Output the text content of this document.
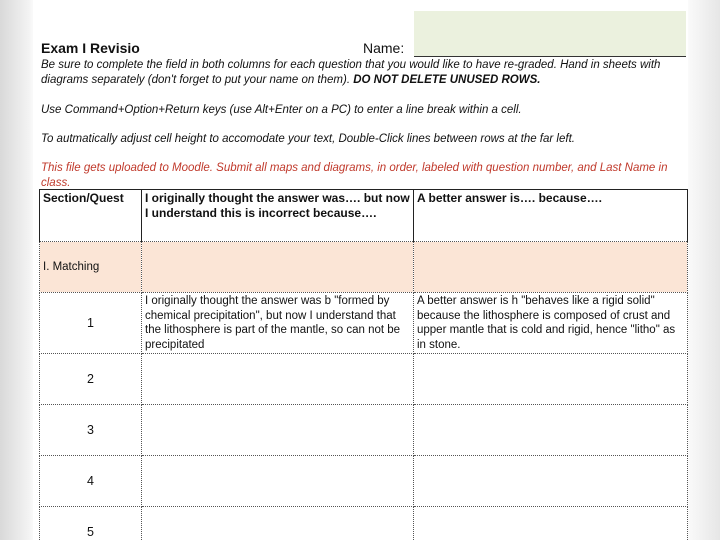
Exam I Revisio	Name:
Be sure to complete the field in both columns for each question that you would like to have re-graded. Hand in sheets with diagrams separately (don't forget to put your name on them). DO NOT DELETE UNUSED ROWS.
Use Command+Option+Return keys (use Alt+Enter on a PC) to enter a line break within a cell.
To autmatically adjust cell height to accomodate your text, Double-Click lines between rows at the far left.
This file gets uploaded to Moodle. Submit all maps and diagrams, in order, labeled with question number, and Last Name in class.
Section/Quest	I originally thought the answer was…. but now I understand this is incorrect because….	A better answer is…. because….
I. Matching		
1	I originally thought the answer was b "formed by chemical precipitation", but now I understand that the lithosphere is part of the mantle, so can not be precipitated	A better answer is h "behaves like a rigid solid" because the lithosphere is composed of crust and upper mantle that is cold and rigid, hence "litho" as in stone.
2		
3		
4		
5		
